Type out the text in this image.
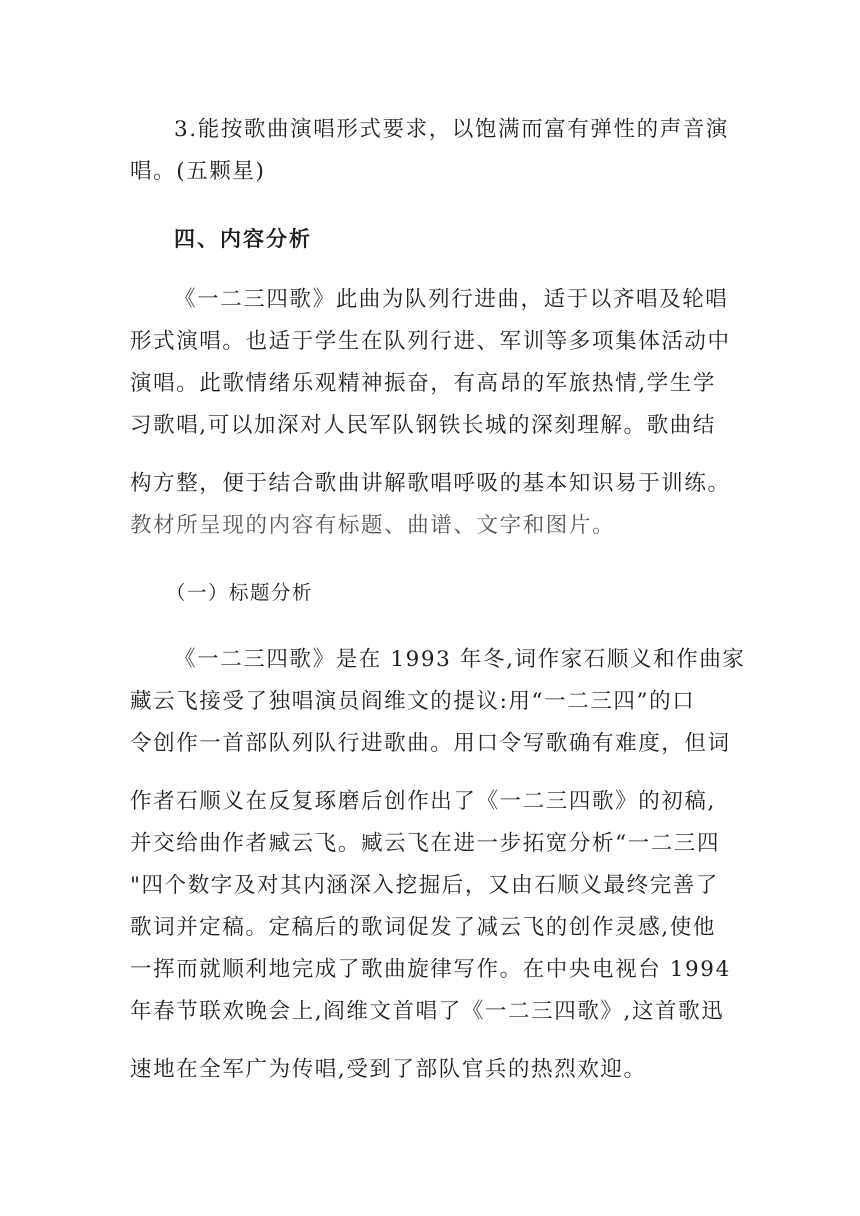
3.能按歌曲演唱形式要求，以饱满而富有弹性的声音演
唱。(五颗星)
四、内容分析
《一二三四歌》此曲为队列行进曲，适于以齐唱及轮唱
形式演唱。也适于学生在队列行进、军训等多项集体活动中
演唱。此歌情绪乐观精神振奋，有高昂的军旅热情,学生学
习歌唱,可以加深对人民军队钢铁长城的深刻理解。歌曲结
构方整，便于结合歌曲讲解歌唱呼吸的基本知识易于训练。
教材所呈现的内容有标题、曲谱、文字和图片。
（一）标题分析
《一二三四歌》是在 1993 年冬,词作家石顺义和作曲家
藏云飞接受了独唱演员阎维文的提议:用“一二三四”的口
令创作一首部队列队行进歌曲。用口令写歌确有难度，但词
作者石顺义在反复琢磨后创作出了《一二三四歌》的初稿,
并交给曲作者臧云飞。臧云飞在进一步拓宽分析“一二三四
"四个数字及对其内涵深入挖掘后，又由石顺义最终完善了
歌词并定稿。定稿后的歌词促发了减云飞的创作灵感,使他
一挥而就顺利地完成了歌曲旋律写作。在中央电视台 1994
年春节联欢晚会上,阎维文首唱了《一二三四歌》,这首歌迅
速地在全军广为传唱,受到了部队官兵的热烈欢迎。
